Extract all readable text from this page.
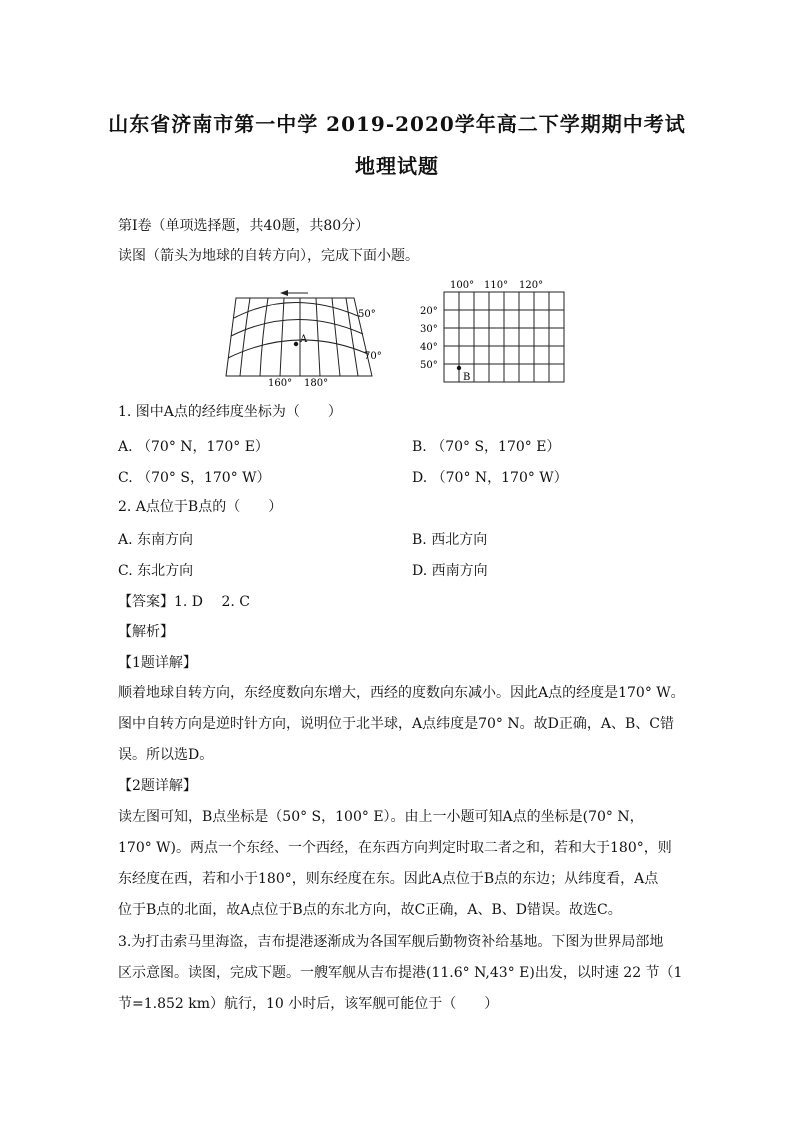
山东省济南市第一中学 2019-2020学年高二下学期期中考试
地理试题
第Ⅰ卷（单项选择题，共40题，共80分）
读图（箭头为地球的自转方向），完成下面小题。
A
50°
70°
160° 180°
100° 110° 120°
20°
30°
40°
50°
B
1. 图中A点的经纬度坐标为（　　）
A. （70° N，170° E）	B. （70° S，170° E）
C. （70° S，170° W）	D. （70° N，170° W）
2. A点位于B点的（　　）
A. 东南方向	B. 西北方向
C. 东北方向	D. 西南方向
【答案】1. D　 2. C
【解析】
【1题详解】
顺着地球自转方向，东经度数向东增大，西经的度数向东减小。因此A点的经度是170° W。
图中自转方向是逆时针方向，说明位于北半球，A点纬度是70° N。故D正确，A、B、C错
误。所以选D。
【2题详解】
读左图可知，B点坐标是（50° S，100° E）。由上一小题可知A点的坐标是(70° N，
170° W)。两点一个东经、一个西经，在东西方向判定时取二者之和，若和大于180°，则
东经度在西，若和小于180°，则东经度在东。因此A点位于B点的东边；从纬度看，A点
位于B点的北面，故A点位于B点的东北方向，故C正确，A、B、D错误。故选C。
3.为打击索马里海盗，吉布提港逐渐成为各国军舰后勤物资补给基地。下图为世界局部地
区示意图。读图，完成下题。一艘军舰从吉布提港(11.6° N,43° E)出发，以时速 22 节（1
节=1.852 km）航行，10 小时后，该军舰可能位于（　　）
